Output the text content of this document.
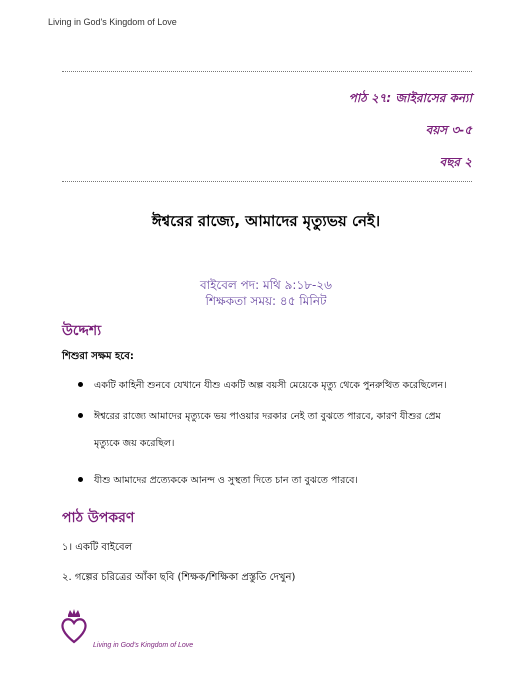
Living in God's Kingdom of Love
পাঠ ২৭: জাইরাসের কন্যা
বয়স ৩-৫
বছর ২
ঈশ্বরের রাজ্যে, আমাদের মৃত্যুভয় নেই।
বাইবেল পদ: মথি ৯:১৮-২৬
শিক্ষকতা সময়: ৪৫ মিনিট
উদ্দেশ্য
শিশুরা সক্ষম হবে:
একটি কাহিনী শুনবে যেখানে যীশু একটি অল্প বয়সী মেয়েকে মৃত্যু থেকে পুনরুত্থিত করেছিলেন।
ঈশ্বরের রাজ্যে আমাদের মৃত্যুকে ভয় পাওয়ার দরকার নেই তা বুঝতে পারবে, কারণ যীশুর প্রেম
মৃত্যুকে জয় করেছিল।
যীশু আমাদের প্রত্যেককে আনন্দ ও সুস্থতা দিতে চান তা বুঝতে পারবে।
পাঠ উপকরণ
১। একটি বাইবেল
২. গল্পের চরিত্রের আঁকা ছবি (শিক্ষক/শিক্ষিকা প্রস্তুতি দেখুন)
Living in God's Kingdom of Love
